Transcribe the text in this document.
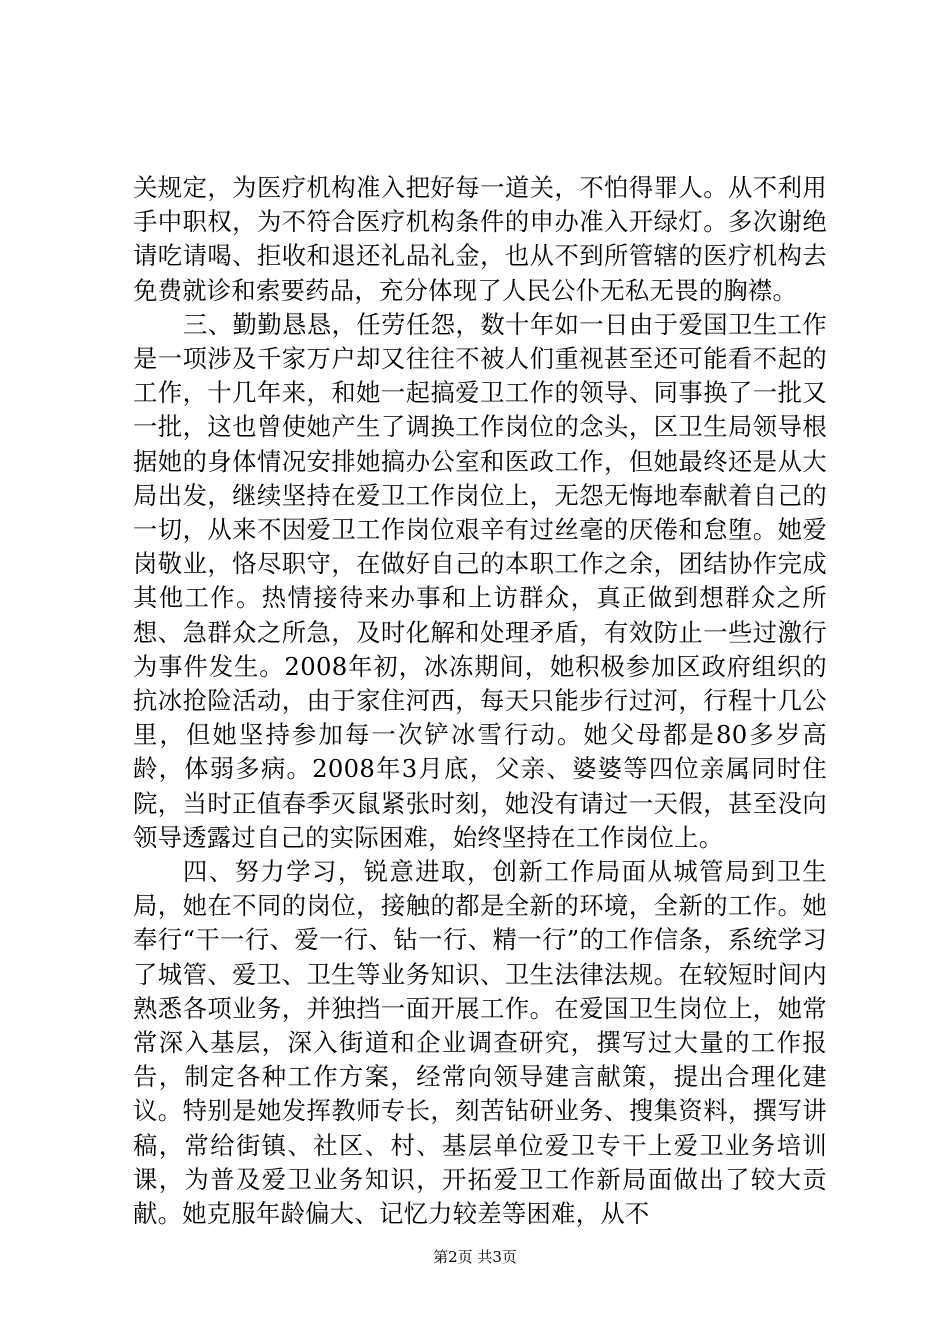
关规定，为医疗机构准入把好每一道关，不怕得罪人。从不利用手中职权，为不符合医疗机构条件的申办准入开绿灯。多次谢绝请吃请喝、拒收和退还礼品礼金，也从不到所管辖的医疗机构去免费就诊和索要药品，充分体现了人民公仆无私无畏的胸襟。

三、勤勤恳恳，任劳任怨，数十年如一日由于爱国卫生工作是一项涉及千家万户却又往往不被人们重视甚至还可能看不起的工作，十几年来，和她一起搞爱卫工作的领导、同事换了一批又一批，这也曾使她产生了调换工作岗位的念头，区卫生局领导根据她的身体情况安排她搞办公室和医政工作，但她最终还是从大局出发，继续坚持在爱卫工作岗位上，无怨无悔地奉献着自己的一切，从来不因爱卫工作岗位艰辛有过丝毫的厌倦和怠堕。她爱岗敬业，恪尽职守，在做好自己的本职工作之余，团结协作完成其他工作。热情接待来办事和上访群众，真正做到想群众之所想、急群众之所急，及时化解和处理矛盾，有效防止一些过激行为事件发生。2008年初，冰冻期间，她积极参加区政府组织的抗冰抢险活动，由于家住河西，每天只能步行过河，行程十几公里，但她坚持参加每一次铲冰雪行动。她父母都是80多岁高龄，体弱多病。2008年3月底，父亲、婆婆等四位亲属同时住院，当时正值春季灭鼠紧张时刻，她没有请过一天假，甚至没向领导透露过自己的实际困难，始终坚持在工作岗位上。

四、努力学习，锐意进取，创新工作局面从城管局到卫生局，她在不同的岗位，接触的都是全新的环境，全新的工作。她奉行“干一行、爱一行、钻一行、精一行”的工作信条，系统学习了城管、爱卫、卫生等业务知识、卫生法律法规。在较短时间内熟悉各项业务，并独挡一面开展工作。在爱国卫生岗位上，她常常深入基层，深入街道和企业调查研究，撰写过大量的工作报告，制定各种工作方案，经常向领导建言献策，提出合理化建议。特别是她发挥教师专长，刻苦钻研业务、搜集资料，撰写讲稿，常给街镇、社区、村、基层单位爱卫专干上爱卫业务培训课，为普及爱卫业务知识，开拓爱卫工作新局面做出了较大贡献。她克服年龄偏大、记忆力较差等困难，从不

第2页 共3页
